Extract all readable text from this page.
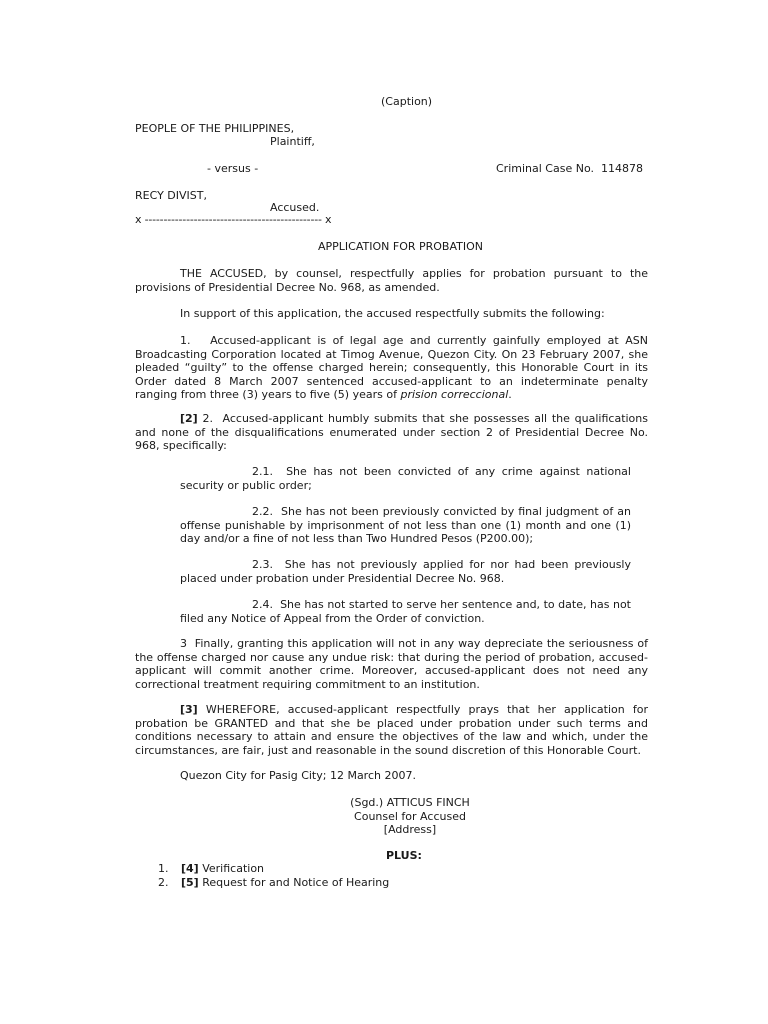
(Caption)
PEOPLE OF THE PHILIPPINES,
Plaintiff,
- versus -	Criminal Case No. 114878
RECY DIVIST,
Accused.
x ----------------------------------------------- x
APPLICATION FOR PROBATION
THE ACCUSED, by counsel, respectfully applies for probation pursuant to the provisions of Presidential Decree No. 968, as amended.
In support of this application, the accused respectfully submits the following:
1. Accused-applicant is of legal age and currently gainfully employed at ASN Broadcasting Corporation located at Timog Avenue, Quezon City. On 23 February 2007, she pleaded “guilty” to the offense charged herein; consequently, this Honorable Court in its Order dated 8 March 2007 sentenced accused-applicant to an indeterminate penalty ranging from three (3) years to five (5) years of prision correccional.
[2] 2. Accused-applicant humbly submits that she possesses all the qualifications and none of the disqualifications enumerated under section 2 of Presidential Decree No. 968, specifically:
2.1. She has not been convicted of any crime against national security or public order;
2.2. She has not been previously convicted by final judgment of an offense punishable by imprisonment of not less than one (1) month and one (1) day and/or a fine of not less than Two Hundred Pesos (P200.00);
2.3. She has not previously applied for nor had been previously placed under probation under Presidential Decree No. 968.
2.4. She has not started to serve her sentence and, to date, has not filed any Notice of Appeal from the Order of conviction.
3 Finally, granting this application will not in any way depreciate the seriousness of the offense charged nor cause any undue risk: that during the period of probation, accused-applicant will commit another crime. Moreover, accused-applicant does not need any correctional treatment requiring commitment to an institution.
[3] WHEREFORE, accused-applicant respectfully prays that her application for probation be GRANTED and that she be placed under probation under such terms and conditions necessary to attain and ensure the objectives of the law and which, under the circumstances, are fair, just and reasonable in the sound discretion of this Honorable Court.
Quezon City for Pasig City; 12 March 2007.
(Sgd.) ATTICUS FINCH
Counsel for Accused
[Address]
PLUS:
1. [4] Verification
2. [5] Request for and Notice of Hearing
